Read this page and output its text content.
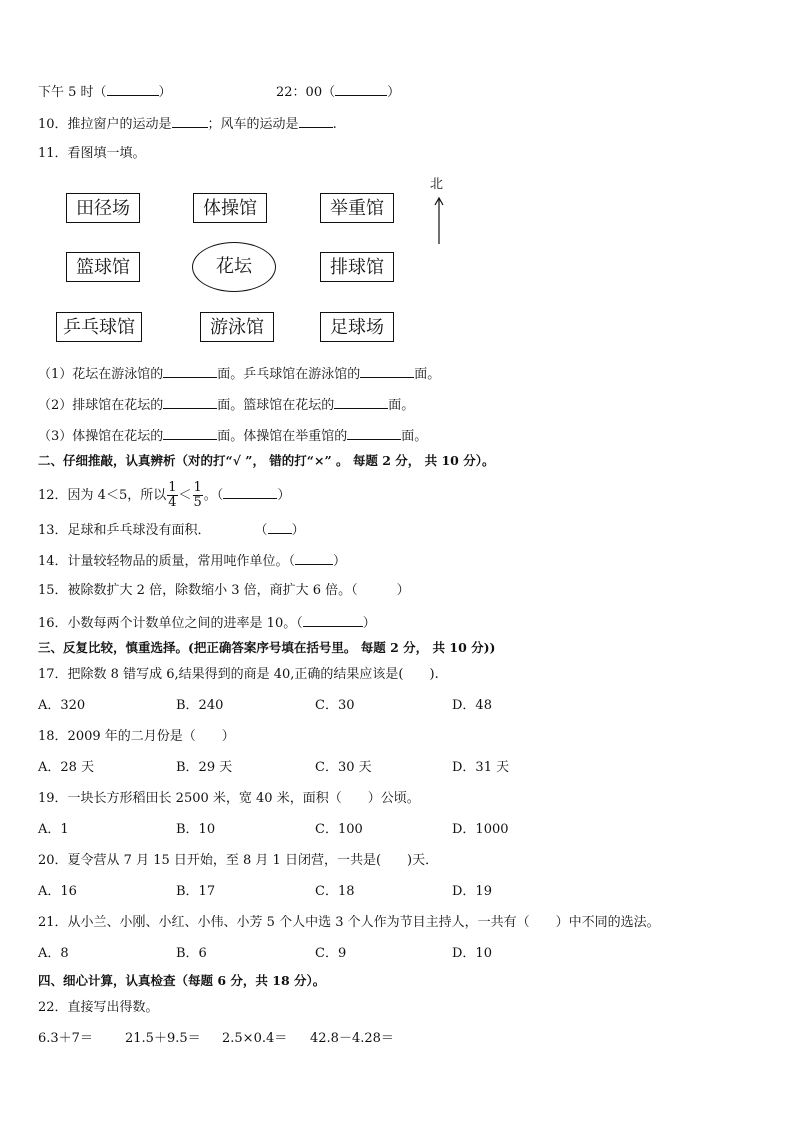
下午 5 时（	）	22：00（	）
10．推拉窗户的运动是	；风车的运动是	.
11．看图填一填。
田径场	体操馆	举重馆
篮球馆	花坛	排球馆
乒乓球馆	游泳馆	足球场
北
（1）花坛在游泳馆的	面。乒乓球馆在游泳馆的	面。
（2）排球馆在花坛的	面。篮球馆在花坛的	面。
（3）体操馆在花坛的	面。体操馆在举重馆的	面。
二、仔细推敲，认真辨析（对的打“√ ”， 错的打“×” 。 每题 2 分， 共 10 分）。
12．因为 4＜5，所以 $\frac{1}{4} < \frac{1}{5}$ 。（	）
13．足球和乒乓球没有面积．	（ ）
14．计量较轻物品的质量，常用吨作单位。（	）
15．被除数扩大 2 倍，除数缩小 3 倍，商扩大 6 倍。（　　　）
16．小数每两个计数单位之间的进率是 10。（	）
三、反复比较，慎重选择。(把正确答案序号填在括号里。 每题 2 分， 共 10 分))
17．把除数 8 错写成 6,结果得到的商是 40,正确的结果应该是(　　).
A．320	B．240	C．30	D．48
18．2009 年的二月份是（　　）
A．28 天	B．29 天	C．30 天	D．31 天
19．一块长方形稻田长 2500 米，宽 40 米，面积（　　）公顷。
A．1	B．10	C．100	D．1000
20．夏令营从 7 月 15 日开始，至 8 月 1 日闭营，一共是(　　)天．
A．16	B．17	C．18	D．19
21．从小兰、小刚、小红、小伟、小芳 5 个人中选 3 个人作为节目主持人，一共有（　　）中不同的选法。
A．8	B．6	C．9	D．10
四、细心计算，认真检查（每题 6 分，共 18 分）。
22．直接写出得数。
6.3＋7＝ 21.5＋9.5＝ 2.5×0.4＝ 42.8－4.28＝
